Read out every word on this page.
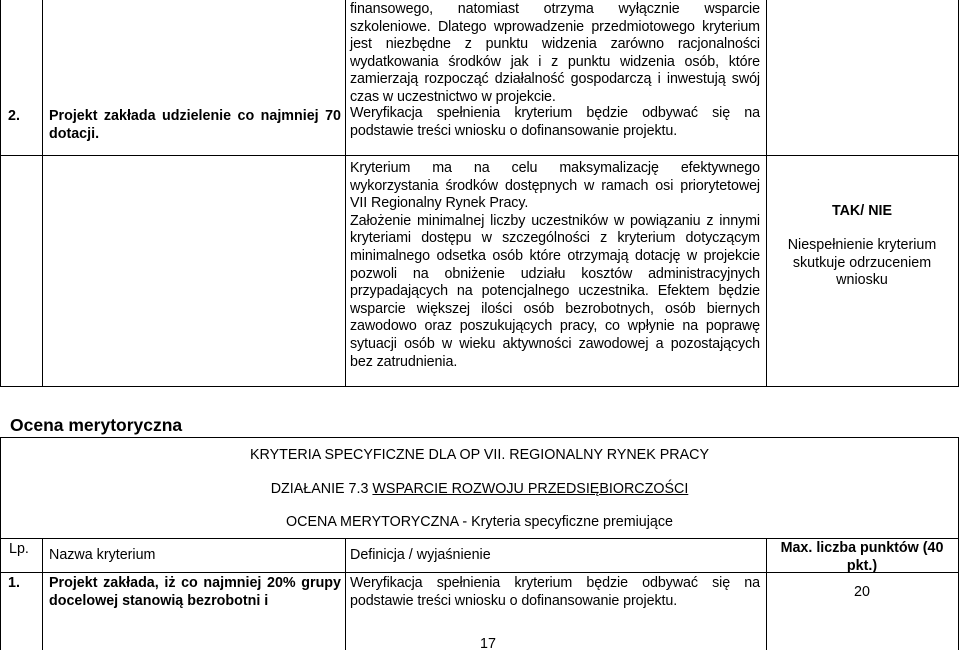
finansowego, natomiast otrzyma wyłącznie wsparcie szkoleniowe. Dlatego wprowadzenie przedmiotowego kryterium jest niezbędne z punktu widzenia zarówno racjonalności wydatkowania środków jak i z punktu widzenia osób, które zamierzają rozpocząć działalność gospodarczą i inwestują swój czas w uczestnictwo w projekcie.
Weryfikacja spełnienia kryterium będzie odbywać się na podstawie treści wniosku o dofinansowanie projektu.
2. Projekt zakłada udzielenie co najmniej 70 dotacji.

Kryterium ma na celu maksymalizację efektywnego wykorzystania środków dostępnych w ramach osi priorytetowej VII Regionalny Rynek Pracy.

Założenie minimalnej liczby uczestników w powiązaniu z innymi kryteriami dostępu w szczególności z kryterium dotyczącym minimalnego odsetka osób które otrzymają dotację w projekcie pozwoli na obniżenie udziału kosztów administracyjnych przypadających na potencjalnego uczestnika. Efektem będzie wsparcie większej ilości osób bezrobotnych, osób biernych zawodowo oraz poszukujących pracy, co wpłynie na poprawę sytuacji osób w wieku aktywności zawodowej a pozostających bez zatrudnienia.

TAK/ NIE
Niespełnienie kryterium skutkuje odrzuceniem wniosku
Ocena merytoryczna
KRYTERIA SPECYFICZNE DLA OP VII. REGIONALNY RYNEK PRACY
DZIAŁANIE 7.3 WSPARCIE ROZWOJU PRZEDSIĘBIORCZOŚCI
OCENA MERYTORYCZNA - Kryteria specyficzne premiujące
Lp. Nazwa kryterium	Definicja / wyjaśnienie	Max. liczba punktów (40 pkt.)
1. Projekt zakłada, iż co najmniej 20% grupy docelowej stanowią bezrobotni i
Weryfikacja spełnienia kryterium będzie odbywać się na podstawie treści wniosku o dofinansowanie projektu.
20
17
